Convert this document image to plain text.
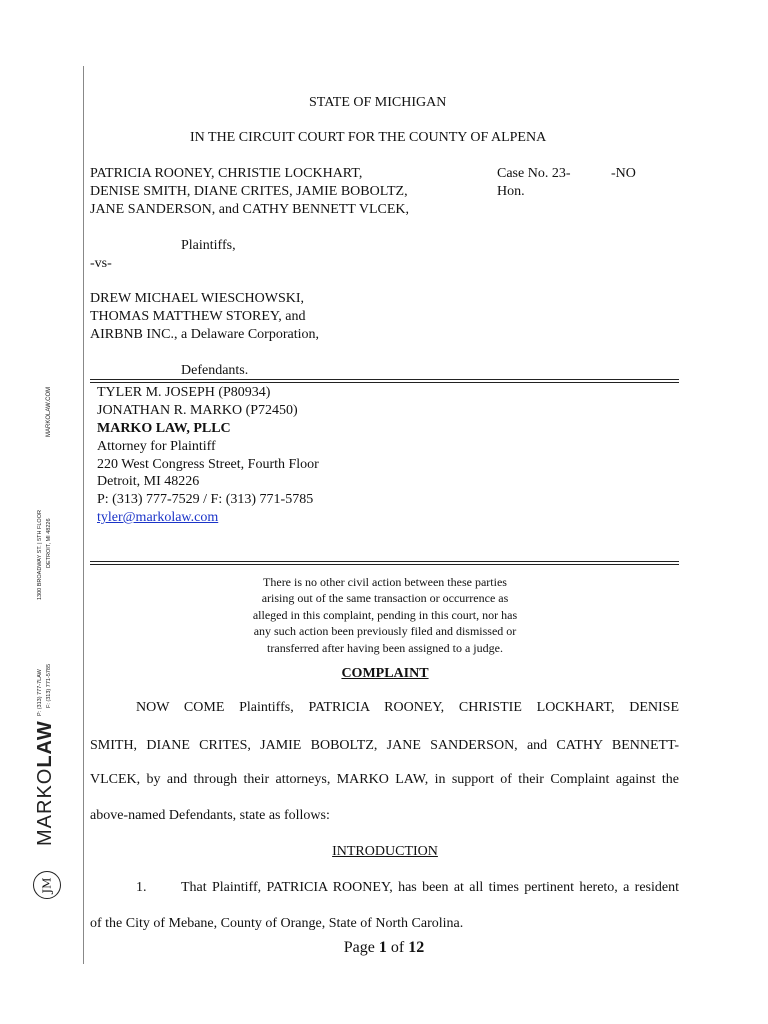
MARKOLAW.COM
1300 BROADWAY ST. | 5TH FLOOR DETROIT, MI 48226
P: (313) 777-7LAW F: (313) 771-5785
MARKOLAW
JM
STATE OF MICHIGAN
IN THE CIRCUIT COURT FOR THE COUNTY OF ALPENA
PATRICIA ROONEY, CHRISTIE LOCKHART,
DENISE SMITH, DIANE CRITES, JAMIE BOBOLTZ,
JANE SANDERSON, and CATHY BENNETT VLCEK,
Case No. 23-	-NO
Hon.
Plaintiffs,
-vs-
DREW MICHAEL WIESCHOWSKI,
THOMAS MATTHEW STOREY, and
AIRBNB INC., a Delaware Corporation,
Defendants.
TYLER M. JOSEPH (P80934)
JONATHAN R. MARKO (P72450)
MARKO LAW, PLLC
Attorney for Plaintiff
220 West Congress Street, Fourth Floor
Detroit, MI 48226
P: (313) 777-7529 / F: (313) 771-5785
tyler@markolaw.com
There is no other civil action between these parties
arising out of the same transaction or occurrence as
alleged in this complaint, pending in this court, nor has
any such action been previously filed and dismissed or
transferred after having been assigned to a judge.
COMPLAINT
NOW COME Plaintiffs, PATRICIA ROONEY, CHRISTIE LOCKHART, DENISE
SMITH, DIANE CRITES, JAMIE BOBOLTZ, JANE SANDERSON, and CATHY BENNETT-
VLCEK, by and through their attorneys, MARKO LAW, in support of their Complaint against the
above-named Defendants, state as follows:
INTRODUCTION
1. That Plaintiff, PATRICIA ROONEY, has been at all times pertinent hereto, a resident
of the City of Mebane, County of Orange, State of North Carolina.
Page 1 of 12
